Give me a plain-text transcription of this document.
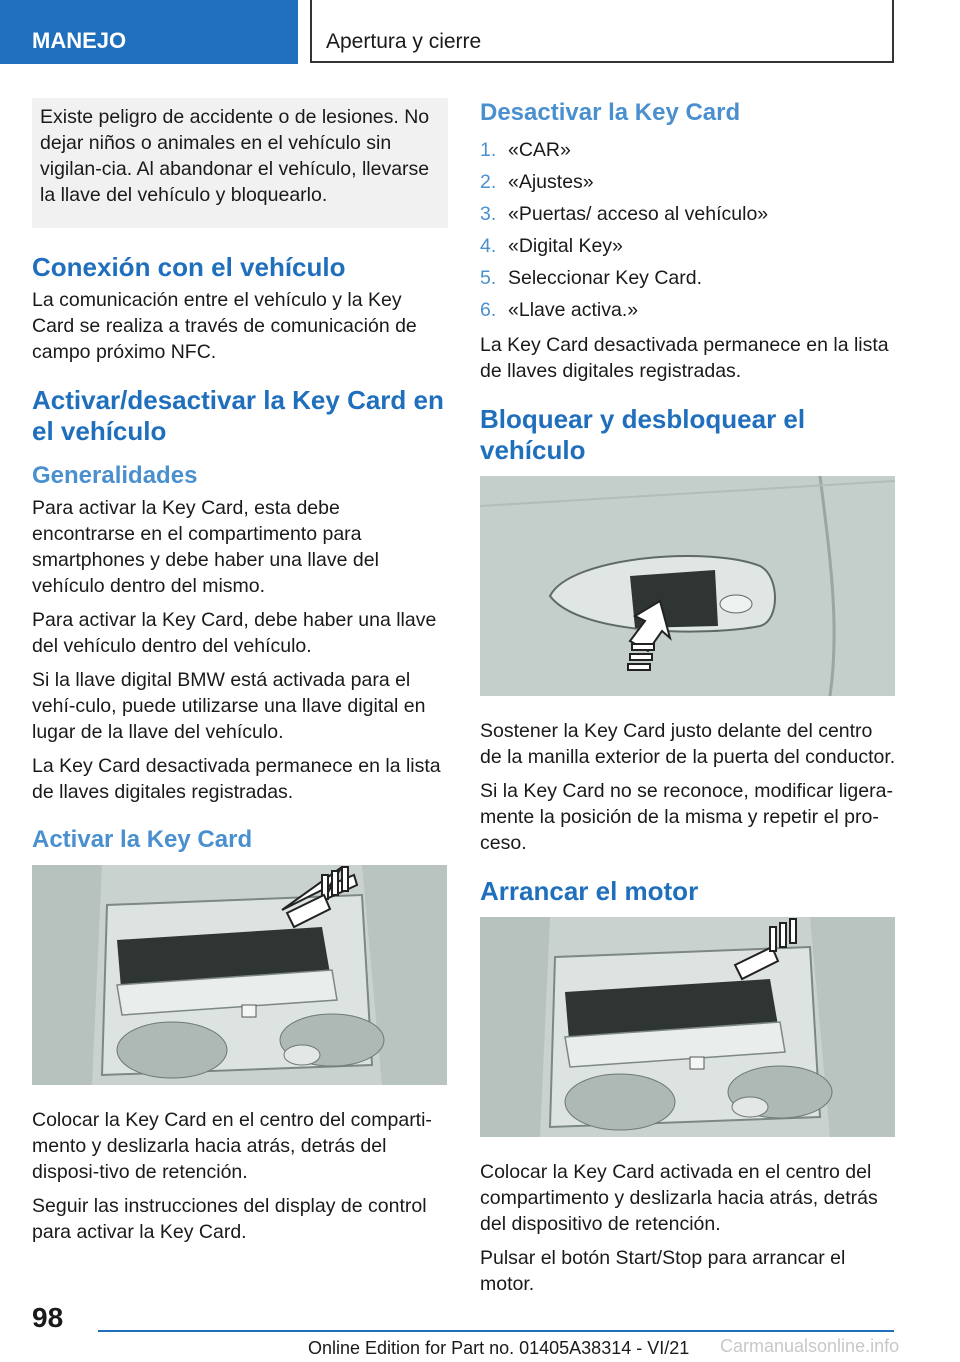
MANEJO	Apertura y cierre
Existe peligro de accidente o de lesiones. No dejar niños o animales en el vehículo sin vigilan-cia. Al abandonar el vehículo, llevarse la llave del vehículo y bloquearlo.
Conexión con el vehículo

La comunicación entre el vehículo y la Key Card se realiza a través de comunicación de campo próximo NFC.

Activar/desactivar la Key Card en el vehículo
Generalidades

Para activar la Key Card, esta debe encontrarse en el compartimento para smartphones y debe haber una llave del vehículo dentro del mismo.

Para activar la Key Card, debe haber una llave del vehículo dentro del vehículo.

Si la llave digital BMW está activada para el vehí-culo, puede utilizarse una llave digital en lugar de la llave del vehículo.

La Key Card desactivada permanece en la lista de llaves digitales registradas.

Activar la Key Card

Colocar la Key Card en el centro del comparti-mento y deslizarla hacia atrás, detrás del disposi-tivo de retención.

Seguir las instrucciones del display de control para activar la Key Card.

Desactivar la Key Card
1. «CAR»
2. «Ajustes»
3. «Puertas/ acceso al vehículo»
4. «Digital Key»
5. Seleccionar Key Card.
6. «Llave activa.»

La Key Card desactivada permanece en la lista de llaves digitales registradas.

Bloquear y desbloquear el vehículo

Sostener la Key Card justo delante del centro de la manilla exterior de la puerta del conductor.

Si la Key Card no se reconoce, modificar ligera-mente la posición de la misma y repetir el pro-ceso.

Arrancar el motor

Colocar la Key Card activada en el centro del compartimento y deslizarla hacia atrás, detrás del dispositivo de retención.

Pulsar el botón Start/Stop para arrancar el motor.

98
Online Edition for Part no. 01405A38314 - VI/21 Carmanualsonline.info
